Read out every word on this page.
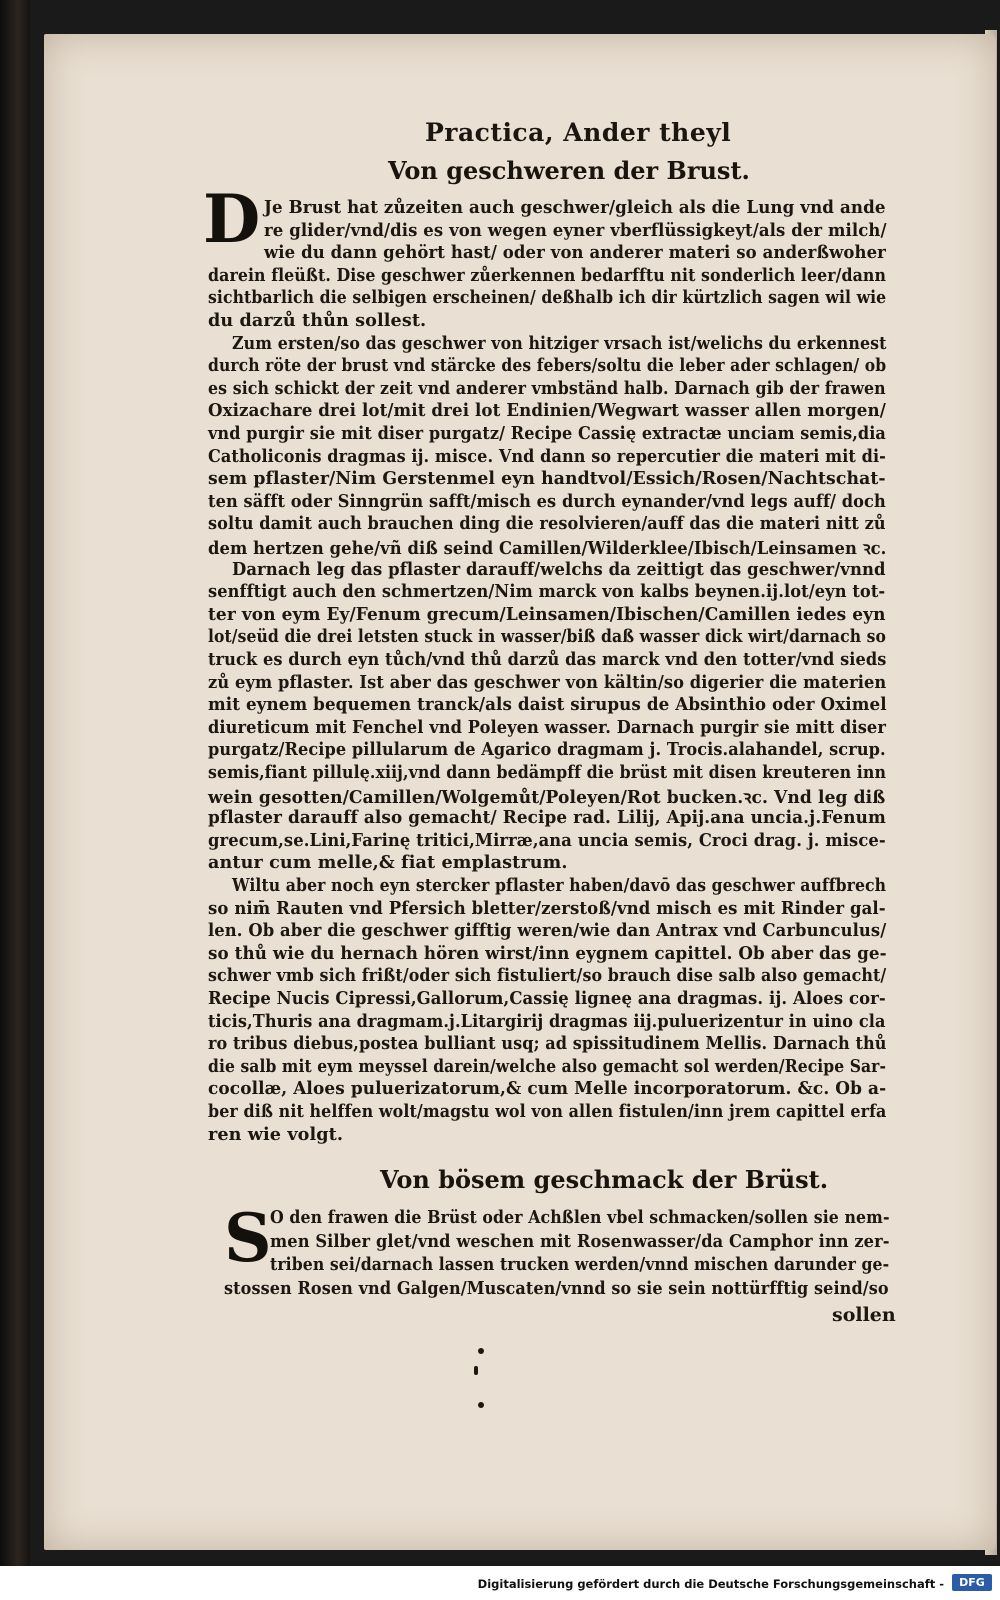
Practica, Ander theyl
Von geschweren der Brust.
D Je Brust hat zůzeiten auch geschwer/gleich als die Lung vnd ande
re glider/vnd/dis es von wegen eyner vberflüssigkeyt/als der milch/
wie du dann gehört hast/ oder von anderer materi so anderßwoher
darein fleüßt. Dise geschwer zůerkennen bedarfftu nit sonderlich leer/dann
sichtbarlich die selbigen erscheinen/ deßhalb ich dir kürtzlich sagen wil wie
du darzů thůn sollest.
Zum ersten/so das geschwer von hitziger vrsach ist/welichs du erkennest
durch röte der brust vnd stärcke des febers/soltu die leber ader schlagen/ ob
es sich schickt der zeit vnd anderer vmbständ halb. Darnach gib der frawen
Oxizachare drei lot/mit drei lot Endinien/Wegwart wasser allen morgen/
vnd purgir sie mit diser purgatz/ Recipe Cassię extractæ unciam semis,dia
Catholiconis dragmas ij. misce. Vnd dann so repercutier die materi mit di-
sem pflaster/Nim Gerstenmel eyn handtvol/Essich/Rosen/Nachtschat-
ten säfft oder Sinngrün safft/misch es durch eynander/vnd legs auff/ doch
soltu damit auch brauchen ding die resolvieren/auff das die materi nitt zů
dem hertzen gehe/vñ diß seind Camillen/Wilderklee/Ibisch/Leinsamen ꝛc.
Darnach leg das pflaster darauff/welchs da zeittigt das geschwer/vnnd
senfftigt auch den schmertzen/Nim marck von kalbs beynen.ij.lot/eyn tot-
ter von eym Ey/Fenum grecum/Leinsamen/Ibischen/Camillen iedes eyn
lot/seüd die drei letsten stuck in wasser/biß daß wasser dick wirt/darnach so
truck es durch eyn tůch/vnd thů darzů das marck vnd den totter/vnd sieds
zů eym pflaster. Ist aber das geschwer von kältin/so digerier die materien
mit eynem bequemen tranck/als daist sirupus de Absinthio oder Oximel
diureticum mit Fenchel vnd Poleyen wasser. Darnach purgir sie mitt diser
purgatz/Recipe pillularum de Agarico dragmam j. Trocis.alahandel, scrup.
semis,fiant pillulę.xiij,vnd dann bedämpff die brüst mit disen kreuteren inn
wein gesotten/Camillen/Wolgemůt/Poleyen/Rot bucken.ꝛc. Vnd leg diß
pflaster darauff also gemacht/ Recipe rad. Lilij, Apij.ana uncia.j.Fenum
grecum,se.Lini,Farinę tritici,Mirræ,ana uncia semis, Croci drag. j. misce-
antur cum melle,& fiat emplastrum.
Wiltu aber noch eyn stercker pflaster haben/davō das geschwer auffbrech
so nim̄ Rauten vnd Pfersich bletter/zerstoß/vnd misch es mit Rinder gal-
len. Ob aber die geschwer gifftig weren/wie dan Antrax vnd Carbunculus/
so thů wie du hernach hören wirst/inn eygnem capittel. Ob aber das ge-
schwer vmb sich frißt/oder sich fistuliert/so brauch dise salb also gemacht/
Recipe Nucis Cipressi,Gallorum,Cassię ligneę ana dragmas. ij. Aloes cor-
ticis,Thuris ana dragmam.j.Litargirij dragmas iij.puluerizentur in uino cla
ro tribus diebus,postea bulliant usq; ad spissitudinem Mellis. Darnach thů
die salb mit eym meyssel darein/welche also gemacht sol werden/Recipe Sar-
cocollæ, Aloes puluerizatorum,& cum Melle incorporatorum. &c. Ob a-
ber diß nit helffen wolt/magstu wol von allen fistulen/inn jrem capittel erfa
ren wie volgt.
Von bösem geschmack der Brüst.
S
O den frawen die Brüst oder Achßlen vbel schmacken/sollen sie nem-
men Silber glet/vnd weschen mit Rosenwasser/da Camphor inn zer-
triben sei/darnach lassen trucken werden/vnnd mischen darunder ge-
stossen Rosen vnd Galgen/Muscaten/vnnd so sie sein nottürfftig seind/so
sollen
Digitalisierung gefördert durch die Deutsche Forschungsgemeinschaft -	DFG
